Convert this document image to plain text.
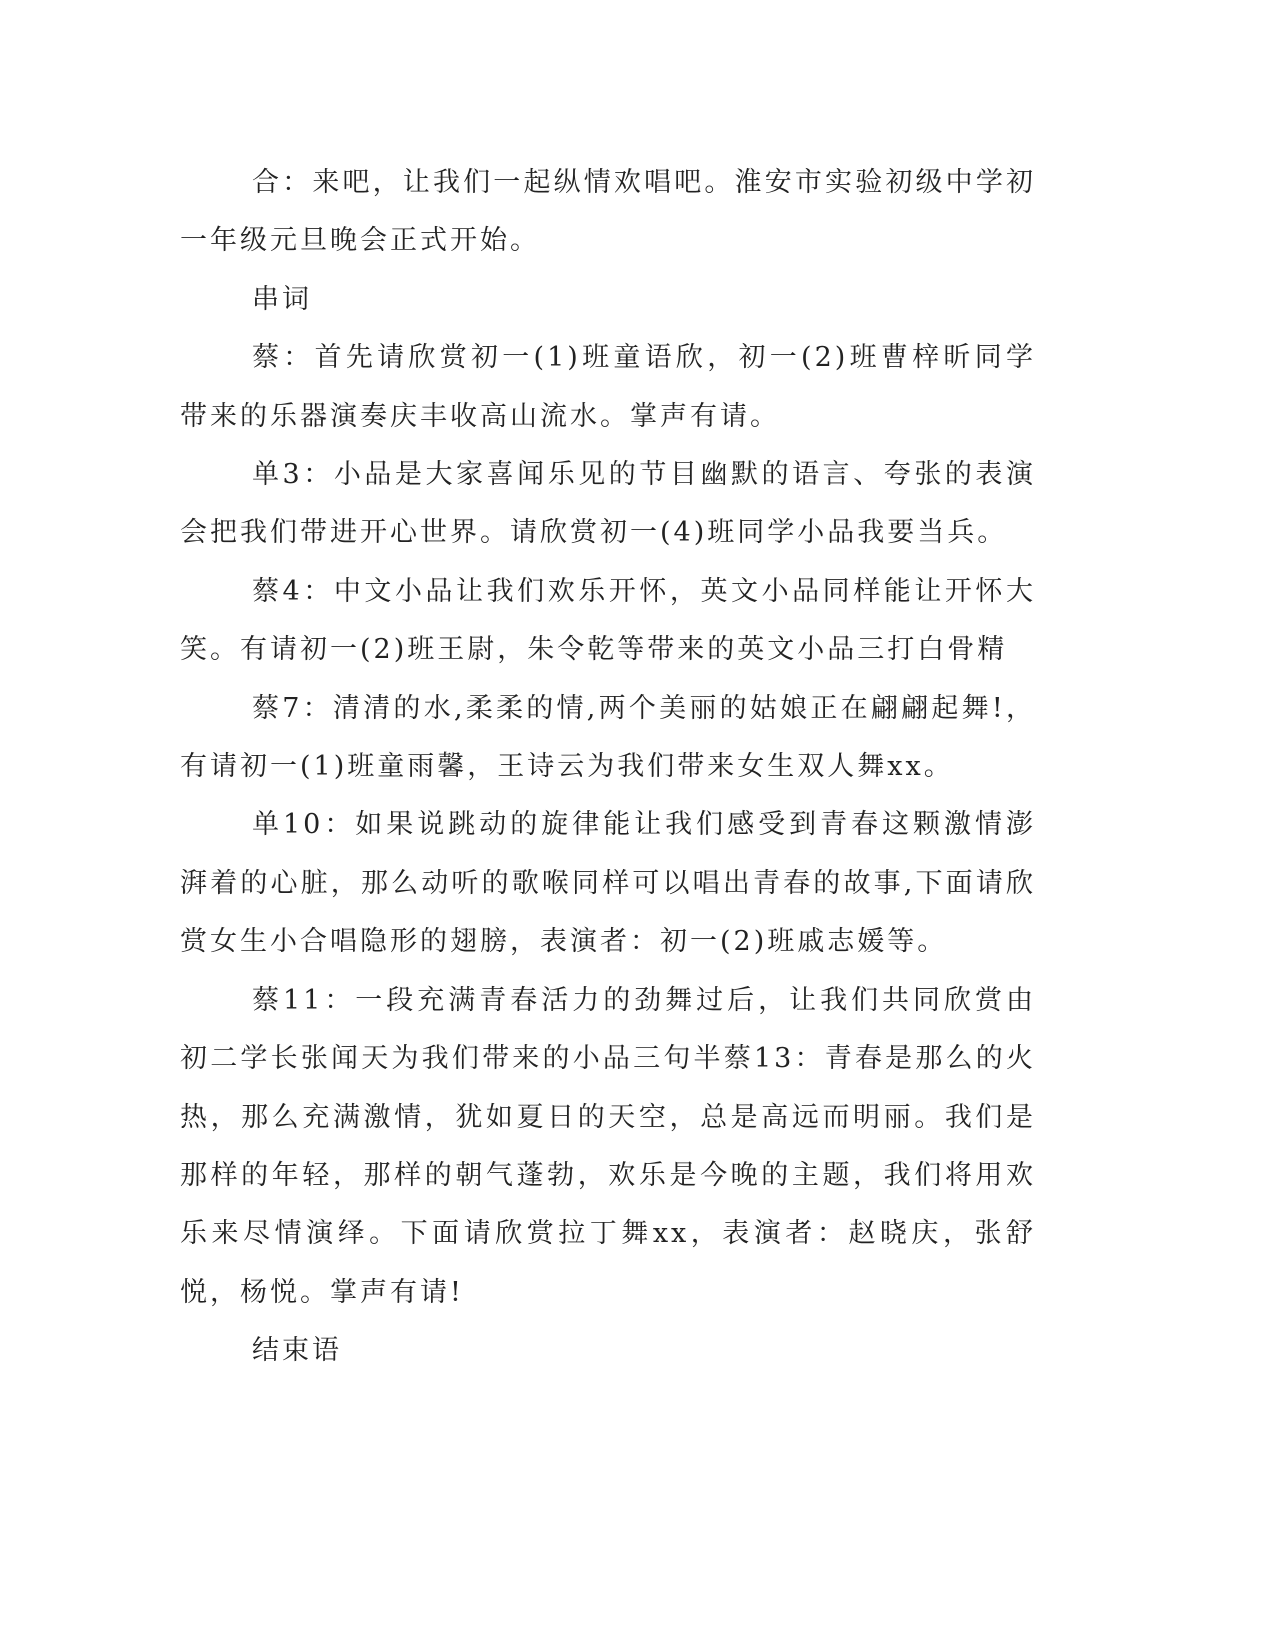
合：来吧，让我们一起纵情欢唱吧。淮安市实验初级中学初一年级元旦晚会正式开始。

串词

蔡：首先请欣赏初一(1)班童语欣，初一(2)班曹梓昕同学带来的乐器演奏庆丰收高山流水。掌声有请。

单3：小品是大家喜闻乐见的节目幽默的语言、夸张的表演会把我们带进开心世界。请欣赏初一(4)班同学小品我要当兵。

蔡4：中文小品让我们欢乐开怀，英文小品同样能让开怀大笑。有请初一(2)班王尉，朱令乾等带来的英文小品三打白骨精

蔡7：清清的水,柔柔的情,两个美丽的姑娘正在翩翩起舞!，有请初一(1)班童雨馨，王诗云为我们带来女生双人舞xx。

单10：如果说跳动的旋律能让我们感受到青春这颗激情澎湃着的心脏，那么动听的歌喉同样可以唱出青春的故事,下面请欣赏女生小合唱隐形的翅膀，表演者：初一(2)班戚志媛等。

蔡11：一段充满青春活力的劲舞过后，让我们共同欣赏由初二学长张闻天为我们带来的小品三句半蔡13：青春是那么的火热，那么充满激情，犹如夏日的天空，总是高远而明丽。我们是那样的年轻，那样的朝气蓬勃，欢乐是今晚的主题，我们将用欢乐来尽情演绎。下面请欣赏拉丁舞xx，表演者：赵晓庆，张舒悦，杨悦。掌声有请!

结束语
